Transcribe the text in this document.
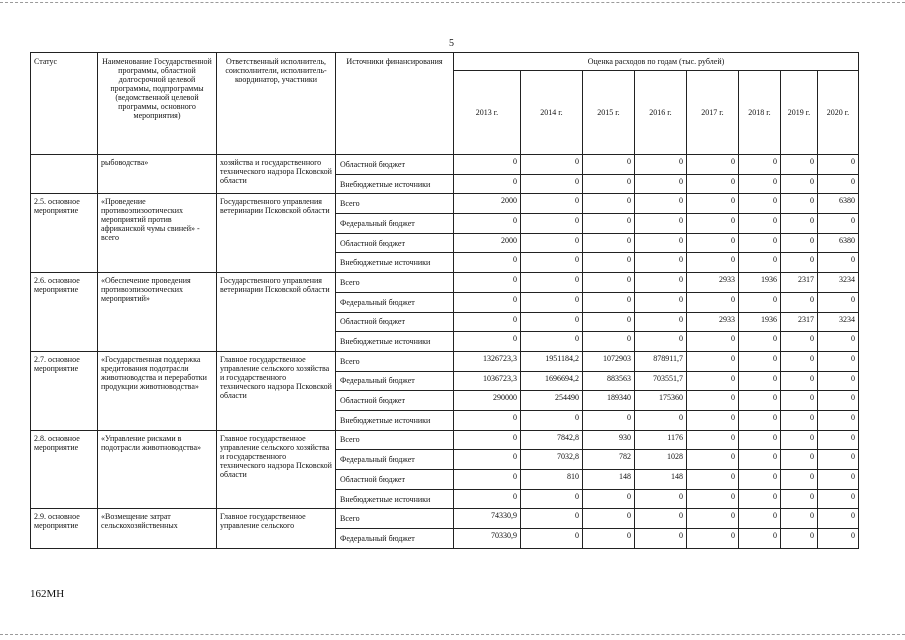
5
Статус	Наименование Государственной программы, областной долгосрочной целевой программы, подпрограммы (ведомственной целевой программы, основного мероприятия)	Ответственный исполнитель, соисполнители, исполнитель-координатор, участники	Источники финансирования	Оценка расходов по годам (тыс. рублей)							
				2013 г.	2014 г.	2015 г.	2016 г.	2017 г.	2018 г.	2019 г.	2020 г.
	рыбоводства»	хозяйства и государственного технического надзора Псковской области	Областной бюджет	0	0	0	0	0	0	0	0
			Внебюджетные источники	0	0	0	0	0	0	0	0
2.5. основное мероприятие	«Проведение противоэпизоотических мероприятий против африканской чумы свиней» - всего	Государственного управления ветеринарии Псковской области	Всего	2000	0	0	0	0	0	0	6380
			Федеральный бюджет	0	0	0	0	0	0	0	0
			Областной бюджет	2000	0	0	0	0	0	0	6380
			Внебюджетные источники	0	0	0	0	0	0	0	0
2.6. основное мероприятие	«Обеспечение проведения противоэпизоотических мероприятий»	Государственного управления ветеринарии Псковской области	Всего	0	0	0	0	2933	1936	2317	3234
			Федеральный бюджет	0	0	0	0	0	0	0	0
			Областной бюджет	0	0	0	0	2933	1936	2317	3234
			Внебюджетные источники	0	0	0	0	0	0	0	0
2.7. основное мероприятие	«Государственная поддержка кредитования подотрасли животноводства и переработки продукции животноводства»	Главное государственное управление сельского хозяйства и государственного технического надзора Псковской области	Всего	1326723,3	1951184,2	1072903	878911,7	0	0	0	0
			Федеральный бюджет	1036723,3	1696694,2	883563	703551,7	0	0	0	0
			Областной бюджет	290000	254490	189340	175360	0	0	0	0
			Внебюджетные источники	0	0	0	0	0	0	0	0
2.8. основное мероприятие	«Управление рисками в подотрасли животноводства»	Главное государственное управление сельского хозяйства и государственного технического надзора Псковской области	Всего	0	7842,8	930	1176	0	0	0	0
			Федеральный бюджет	0	7032,8	782	1028	0	0	0	0
			Областной бюджет	0	810	148	148	0	0	0	0
			Внебюджетные источники	0	0	0	0	0	0	0	0
2.9. основное мероприятие	«Возмещение затрат сельскохозяйственных	Главное государственное управление сельского	Всего	74330,9	0	0	0	0	0	0	0
			Федеральный бюджет	70330,9	0	0	0	0	0	0	0
162МН
